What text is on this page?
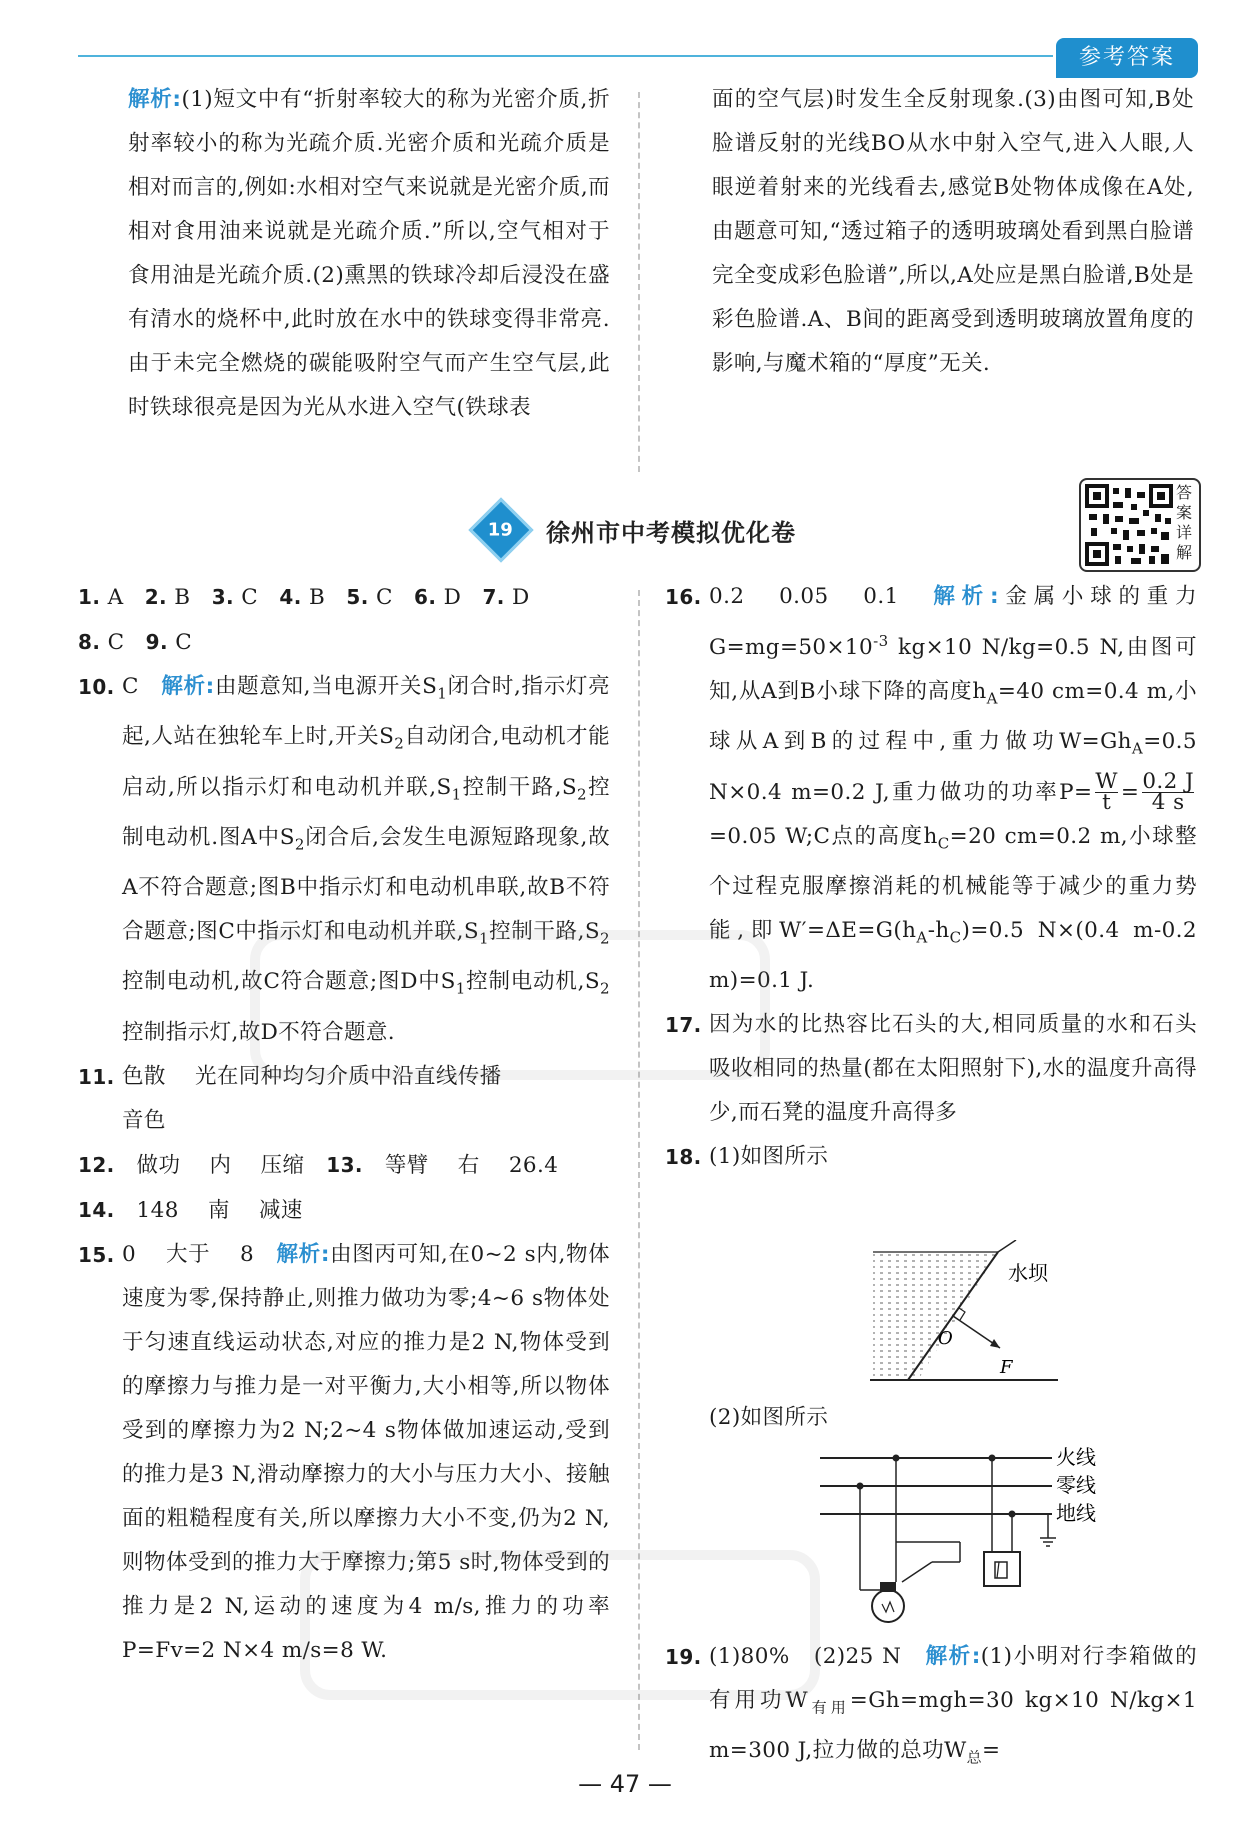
参考答案

解析:(1)短文中有“折射率较大的称为光密介质,折射率较小的称为光疏介质.光密介质和光疏介质是相对而言的,例如:水相对空气来说就是光密介质,而相对食用油来说就是光疏介质.”所以,空气相对于食用油是光疏介质.(2)熏黑的铁球冷却后浸没在盛有清水的烧杯中,此时放在水中的铁球变得非常亮.由于未完全燃烧的碳能吸附空气而产生空气层,此时铁球很亮是因为光从水进入空气(铁球表

面的空气层)时发生全反射现象.(3)由图可知,B处脸谱反射的光线BO从水中射入空气,进入人眼,人眼逆着射来的光线看去,感觉B处物体成像在A处,由题意可知,“透过箱子的透明玻璃处看到黑白脸谱完全变成彩色脸谱”,所以,A处应是黑白脸谱,B处是彩色脸谱.A、B间的距离受到透明玻璃放置角度的影响,与魔术箱的“厚度”无关.

19 徐州市中考模拟优化卷
答案详解

1. A 2. B 3. C 4. B 5. C 6. D 7. D

8. C 9. C

10. C　 解析:由题意知,当电源开关$S_1$闭合时,指示灯亮起,人站在独轮车上时,开关$S_2$自动闭合,电动机才能启动,所以指示灯和电动机并联$,S_1$控制干路$,S_2$控制电动机.图A中$S_2$闭合后,会发生电源短路现象,故A不符合题意;图B中指示灯和电动机串联,故B不符合题意;图C中指示灯和电动机并联$,S_1$控制干路$,S_2$控制电动机,故C符合题意;图D中$S_1$控制电动机$,S_2$控制指示灯,故D不符合题意.

11. 色散　 光在同种均匀介质中沿直线传播
音色

12.　 做功　 内　 压缩　 13.　 等臂　 右　 26.4

14.　 148　 南　 减速

15. 0　 大于　 8　 解析:由图丙可知,在0~2 s内,物体速度为零,保持静止,则推力做功为零;4~6 s物体处于匀速直线运动状态,对应的推力是2 N,物体受到的摩擦力与推力是一对平衡力,大小相等,所以物体受到的摩擦力为2 N;2~4 s物体做加速运动,受到的推力是3 N,滑动摩擦力的大小与压力大小、接触面的粗糙程度有关,所以摩擦力大小不变,仍为2 N,则物体受到的推力大于摩擦力;第5 s时,物体受到的推力是2 N,运动的速度为4 m/s,推力的功率P=Fv=2 N×4 m/s=8 W.

16. 0.2　 0.05　 0.1　 解析:金属小球的重力$G=mg=50\times 10^{-3}$ kg×10 N/kg=0.5 N,由图可知,从A到B小球下降的高度$h_A=40$ cm=0.4 m,小球从A到B的过程中,重力做功$W=Gh_A=0.5$ N×0.4 m=0.2 J,重力做功的功率$P= \frac{W}{t} = \frac{0.2 J}{4 s}$
=0.05 W;C点的高度$h_C=20$ cm=0.2 m,小球整个过程克服摩擦消耗的机械能等于减少的重力势能,即$W'=\Delta E=G(h_A-h_C)=0.5$ N×(0.4 m-0.2 m)=0.1 J.

17. 因为水的比热容比石头的大,相同质量的水和石头吸收相同的热量(都在太阳照射下),水的温度升高得少,而石凳的温度升高得多

18. (1)如图所示

O
F
水坝

(2)如图所示

火线
零线
地线
19. (1)80%　 (2)25 N　 解析:(1)小明对行李箱做的有用功$W_{有用}=Gh=mgh=30$ kg×10 N/kg×1 m=300 J,拉力做的总功$W_总=$

— 47 —
